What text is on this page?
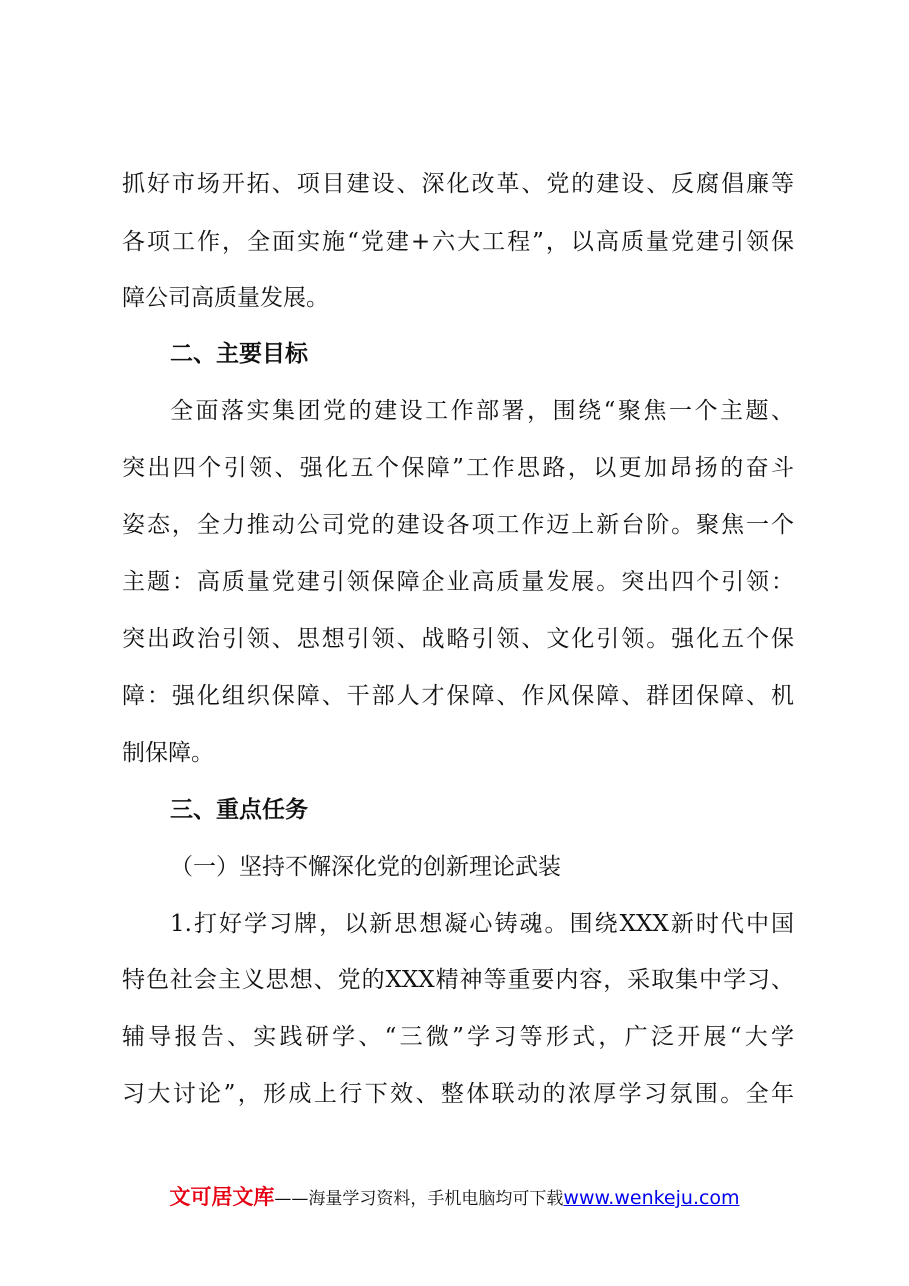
抓好市场开拓、项目建设、深化改革、党的建设、反腐倡廉等
各项工作，全面实施“党建+六大工程”，以高质量党建引领保
障公司高质量发展。
二、主要目标
全面落实集团党的建设工作部署，围绕“聚焦一个主题、
突出四个引领、强化五个保障”工作思路，以更加昂扬的奋斗
姿态，全力推动公司党的建设各项工作迈上新台阶。聚焦一个
主题：高质量党建引领保障企业高质量发展。突出四个引领：
突出政治引领、思想引领、战略引领、文化引领。强化五个保
障：强化组织保障、干部人才保障、作风保障、群团保障、机
制保障。
三、重点任务
（一）坚持不懈深化党的创新理论武装
1.打好学习牌，以新思想凝心铸魂。围绕XXX新时代中国
特色社会主义思想、党的XXX精神等重要内容，采取集中学习、
辅导报告、实践研学、“三微”学习等形式，广泛开展“大学
习大讨论”，形成上行下效、整体联动的浓厚学习氛围。全年
文可居文库——海量学习资料，手机电脑均可下载www.wenkeju.com
